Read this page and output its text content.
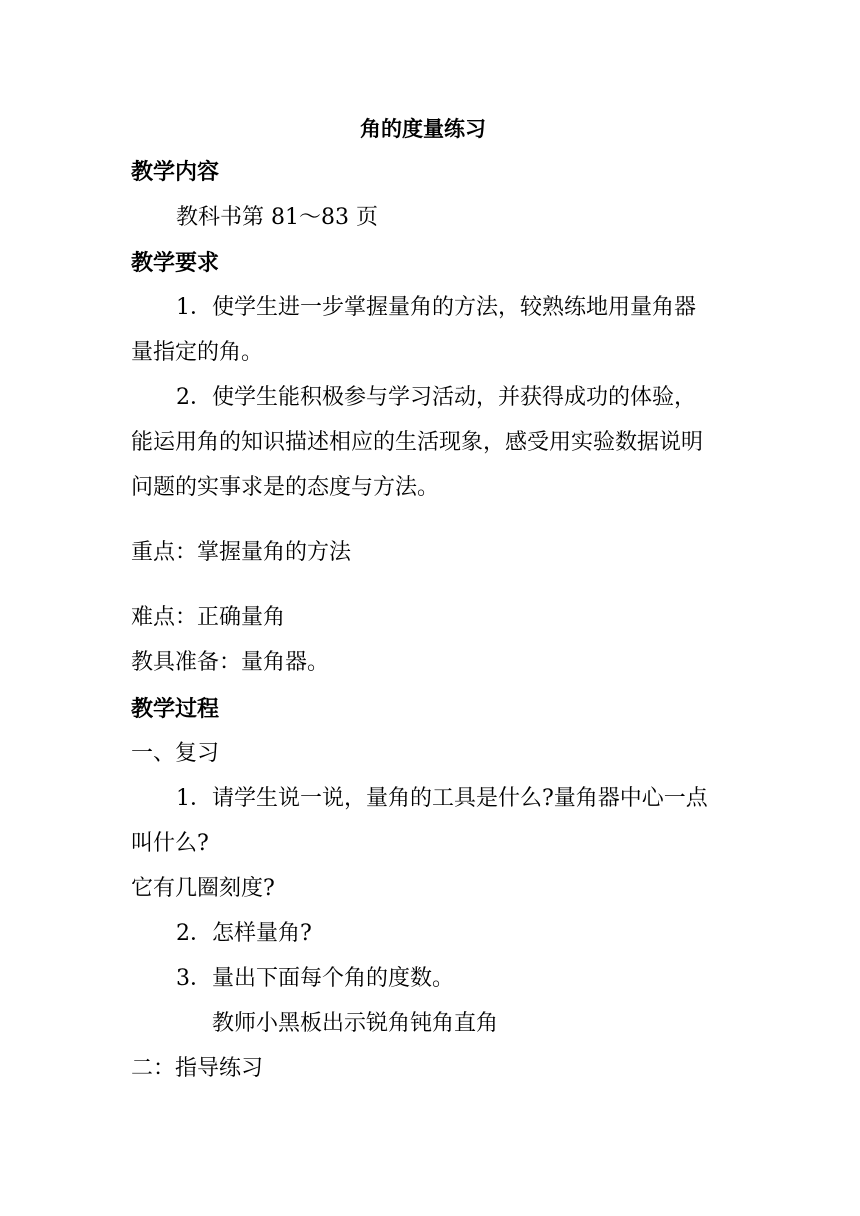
角的度量练习
教学内容
教科书第 81～83 页
教学要求
1．使学生进一步掌握量角的方法，较熟练地用量角器
量指定的角。
2．使学生能积极参与学习活动，并获得成功的体验，
能运用角的知识描述相应的生活现象，感受用实验数据说明
问题的实事求是的态度与方法。
重点：掌握量角的方法
难点：正确量角
教具准备：量角器。
教学过程
一、复习
1．请学生说一说，量角的工具是什么?量角器中心一点
叫什么?
它有几圈刻度?
2．怎样量角?
3．量出下面每个角的度数。
教师小黑板出示锐角钝角直角
二：指导练习
